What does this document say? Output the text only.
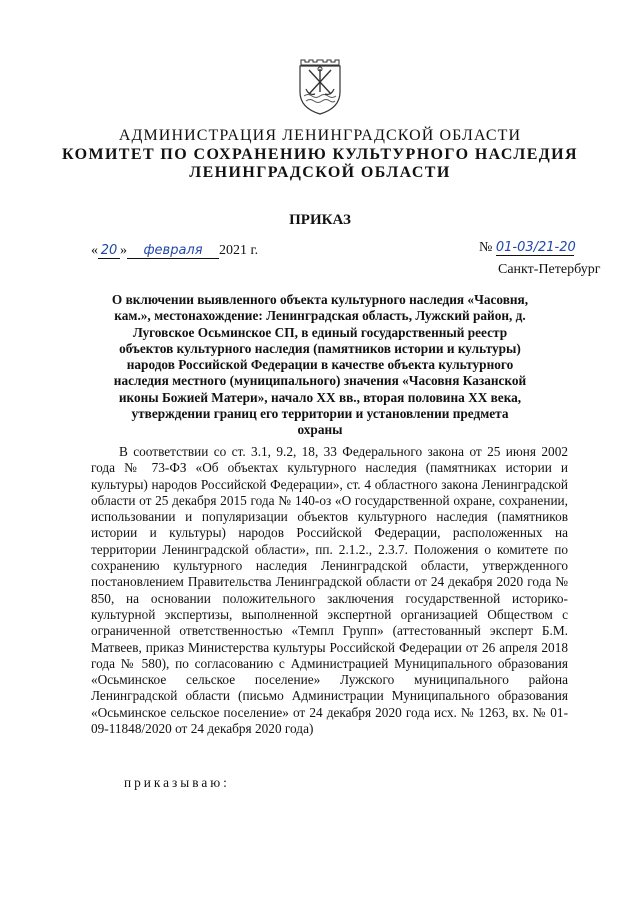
АДМИНИСТРАЦИЯ ЛЕНИНГРАДСКОЙ ОБЛАСТИ
КОМИТЕТ ПО СОХРАНЕНИЮ КУЛЬТУРНОГО НАСЛЕДИЯ
ЛЕНИНГРАДСКОЙ ОБЛАСТИ
ПРИКАЗ
« 20 » февраля 2021 г.	№ 01-03/21-20
Санкт-Петербург
О включении выявленного объекта культурного наследия «Часовня, кам.», местонахождение: Ленинградская область, Лужский район, д. Луговское Осьминское СП, в единый государственный реестр объектов культурного наследия (памятников истории и культуры) народов Российской Федерации в качестве объекта культурного наследия местного (муниципального) значения «Часовня Казанской иконы Божией Матери», начало XX вв., вторая половина XX века, утверждении границ его территории и установлении предмета охраны

В соответствии со ст. 3.1, 9.2, 18, 33 Федерального закона от 25 июня 2002 года № 73-ФЗ «Об объектах культурного наследия (памятниках истории и культуры) народов Российской Федерации», ст. 4 областного закона Ленинградской области от 25 декабря 2015 года № 140-оз «О государственной охране, сохранении, использовании и популяризации объектов культурного наследия (памятников истории и культуры) народов Российской Федерации, расположенных на территории Ленинградской области», пп. 2.1.2., 2.3.7. Положения о комитете по сохранению культурного наследия Ленинградской области, утвержденного постановлением Правительства Ленинградской области от 24 декабря 2020 года № 850, на основании положительного заключения государственной историко-культурной экспертизы, выполненной экспертной организацией Обществом с ограниченной ответственностью «Темпл Групп» (аттестованный эксперт Б.М. Матвеев, приказ Министерства культуры Российской Федерации от 26 апреля 2018 года № 580), по согласованию с Администрацией Муниципального образования «Осьминское сельское поселение» Лужского муниципального района Ленинградской области (письмо Администрации Муниципального образования «Осьминское сельское поселение» от 24 декабря 2020 года исх. № 1263, вх. № 01-09-11848/2020 от 24 декабря 2020 года)

приказываю:
